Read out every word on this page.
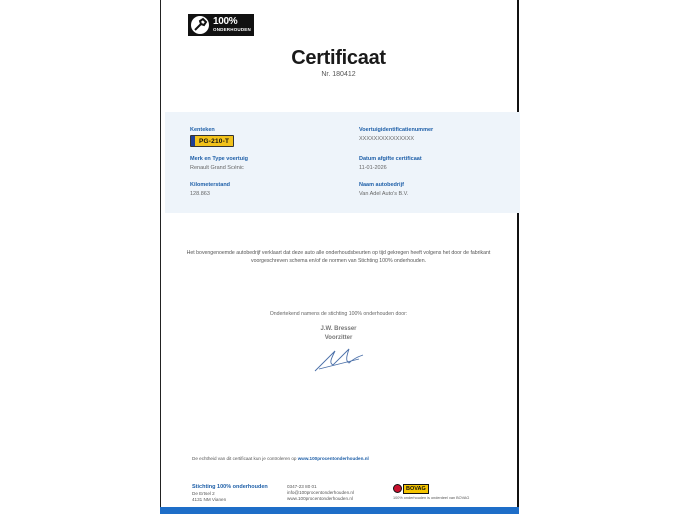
100%
ONDERHOUDEN
Certificaat
Nr. 180412
Kenteken
PG-210-T
Merk en Type voertuig
Renault Grand Scénic
Kilometerstand
128.863
Voertuigidentificatienummer
XXXXXXXXXXXXXXX
Datum afgifte certificaat
11-01-2026
Naam autobedrijf
Van Adel Auto's B.V.
Het bovengenoemde autobedrijf verklaart dat deze auto alle onderhoudsbeurten op tijd gekregen heeft volgens het door de fabrikant
voorgeschreven schema en/of de normen van Stichting 100% onderhouden.
Ondertekend namens de stichting 100% onderhouden door:
J.W. Bresser
Voorzitter
De echtheid van dit certificaat kun je controleren op www.100procentonderhouden.nl
Stichting 100% onderhouden
De Ertsel 2
4131 NM Vianen
0347-23 80 01
info@100procentonderhouden.nl
www.100procentonderhouden.nl
BOVAG
100% onderhouden is onderdeel van BOVAG
